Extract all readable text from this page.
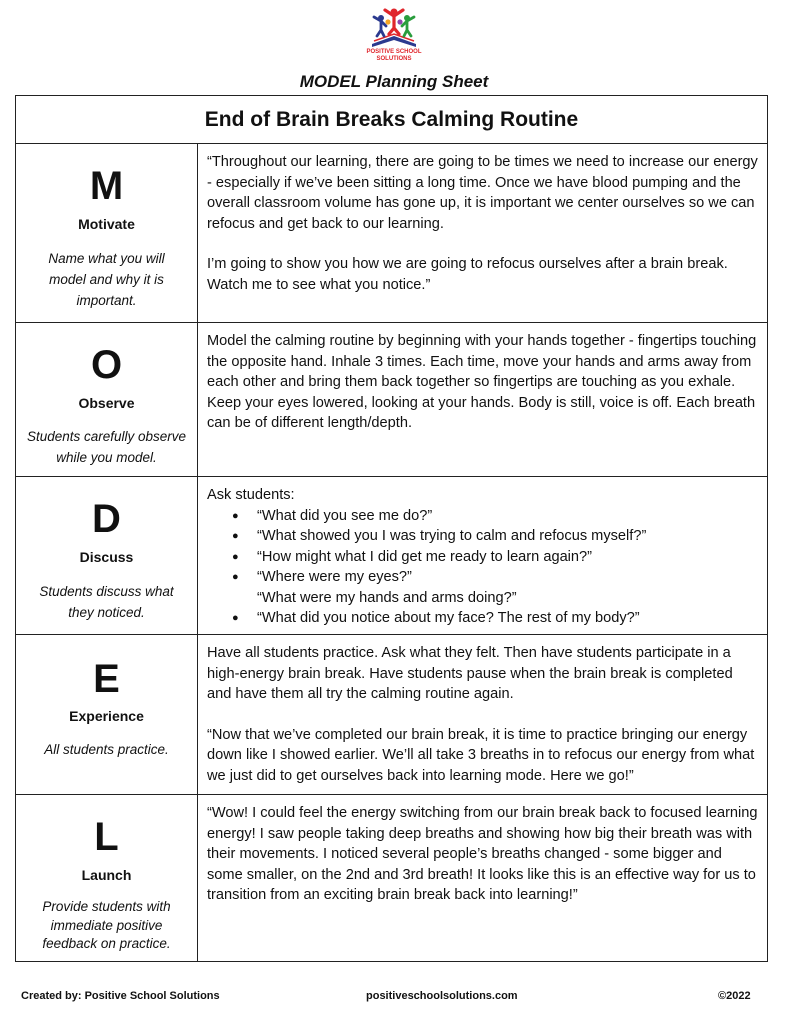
POSITIVE SCHOOL
SOLUTIONS
MODEL Planning Sheet
End of Brain Breaks Calming Routine
M
Motivate
Name what you will model and why it is important.

“Throughout our learning, there are going to be times we need to increase our energy - especially if we’ve been sitting a long time. Once we have blood pumping and the overall classroom volume has gone up, it is important we center ourselves so we can refocus and get back to our learning.

I’m going to show you how we are going to refocus ourselves after a brain break. Watch me to see what you notice.”

O
Observe
Students carefully observe while you model.

Model the calming routine by beginning with your hands together - fingertips touching the opposite hand. Inhale 3 times. Each time, move your hands and arms away from each other and bring them back together so fingertips are touching as you exhale. Keep your eyes lowered, looking at your hands. Body is still, voice is off. Each breath can be of different length/depth.

D
Discuss
Students discuss what they noticed.

Ask students:

● “What did you see me do?”
● “What showed you I was trying to calm and refocus myself?”
● “How might what I did get me ready to learn again?”
● “Where were my eyes?”
“What were my hands and arms doing?”
● “What did you notice about my face? The rest of my body?”
E
Experience
All students practice.

Have all students practice. Ask what they felt. Then have students participate in a high-energy brain break. Have students pause when the brain break is completed and have them all try the calming routine again.

“Now that we’ve completed our brain break, it is time to practice bringing our energy down like I showed earlier. We’ll all take 3 breaths in to refocus our energy from what we just did to get ourselves back into learning mode. Here we go!”

L
Launch
Provide students with immediate positive feedback on practice.

“Wow! I could feel the energy switching from our brain break back to focused learning energy! I saw people taking deep breaths and showing how big their breath was with their movements. I noticed several people’s breaths changed - some bigger and some smaller, on the 2nd and 3rd breath! It looks like this is an effective way for us to transition from an exciting brain break back into learning!”

Created by: Positive School Solutions	positiveschoolsolutions.com	©2022
